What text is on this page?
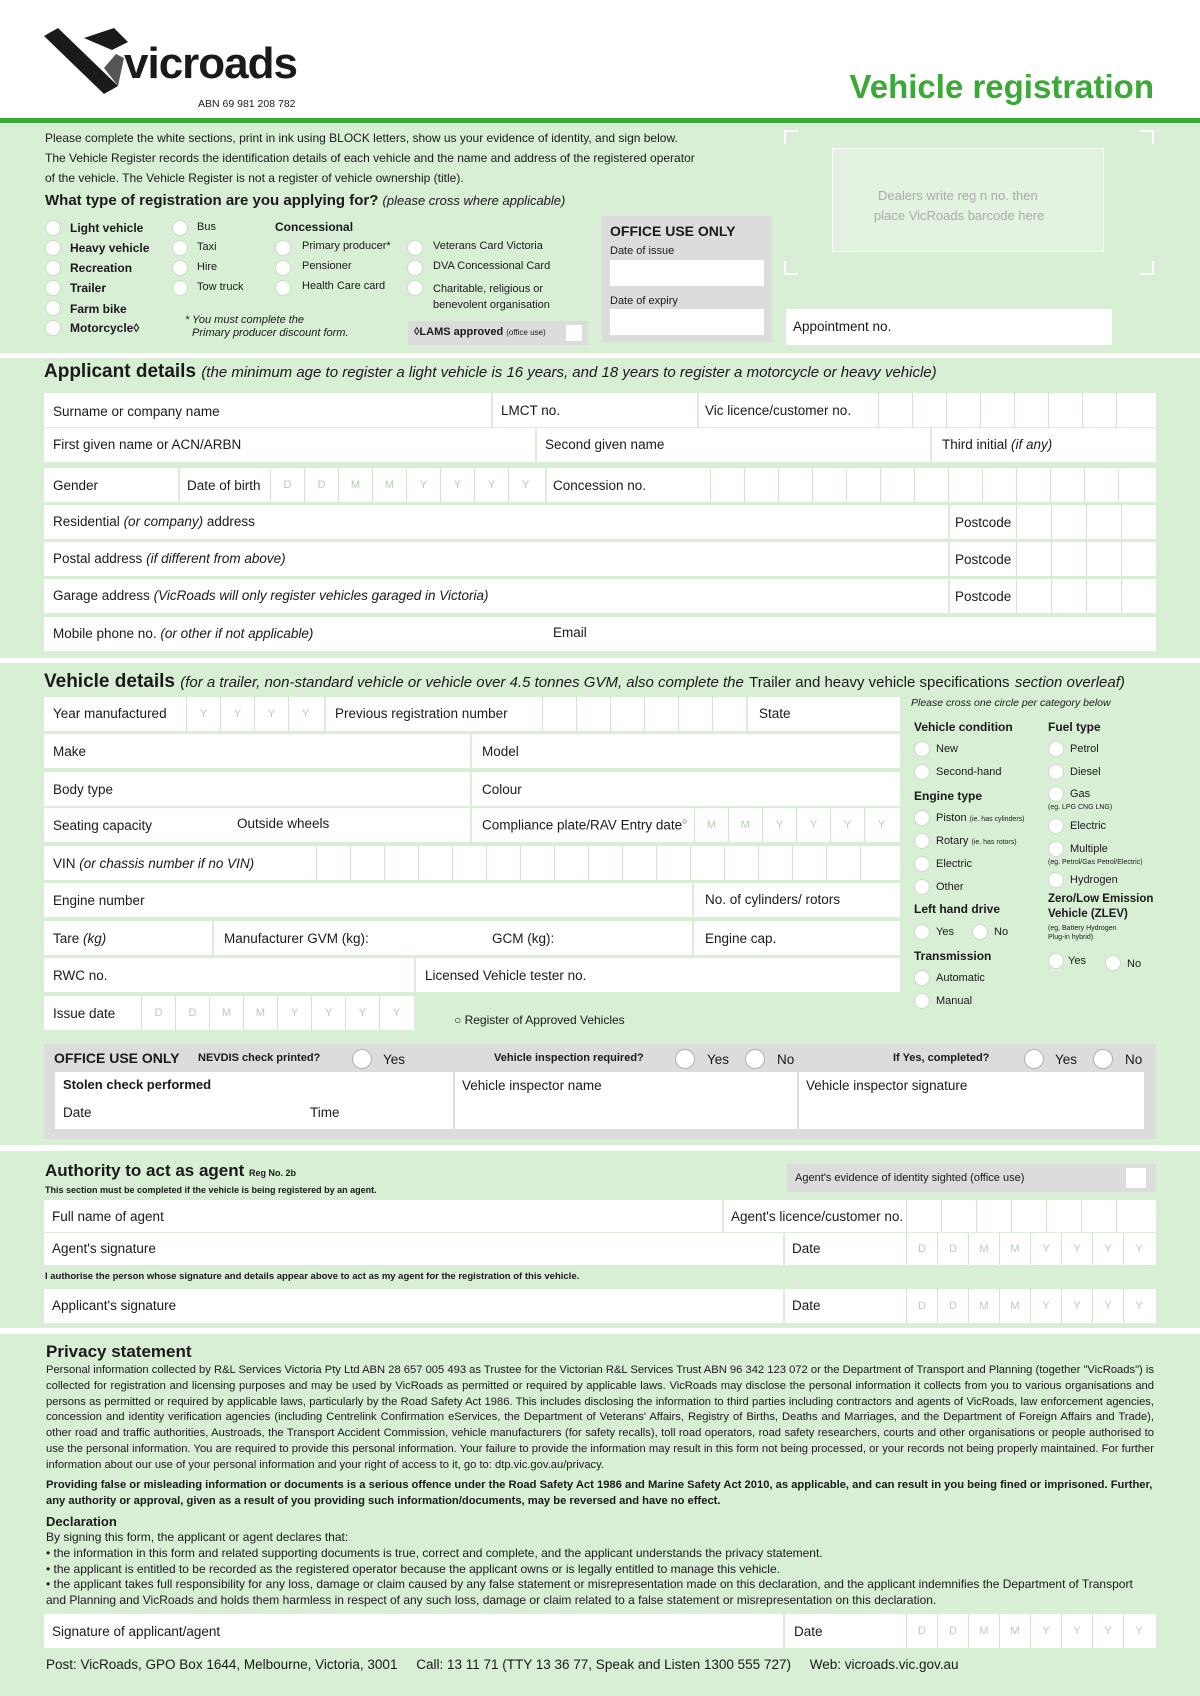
vicroads
ABN 69 981 208 782	Vehicle registration
Please complete the white sections, print in ink using BLOCK letters, show us your evidence of identity, and sign below.
The Vehicle Register records the identification details of each vehicle and the name and address of the registered operator
of the vehicle. The Vehicle Register is not a register of vehicle ownership (title).
What type of registration are you applying for? (please cross where applicable)
Light vehicle
Heavy vehicle
Recreation
Trailer
Farm bike
Motorcycle◊
Bus
Taxi
Hire
Tow truck
Concessional
Primary producer*
Pensioner
Health Care card
Veterans Card Victoria
DVA Concessional Card
Charitable, religious or
benevolent organisation
* You must complete the
Primary producer discount form.	◊LAMS approved (office use)
OFFICE USE ONLY
Date of issue
Date of expiry
Dealers write reg n no. then
place VicRoads barcode here
Appointment no.
Applicant details (the minimum age to register a light vehicle is 16 years, and 18 years to register a motorcycle or heavy vehicle)
Surname or company name	LMCT no.	Vic licence/customer no.
First given name or ACN/ARBN	Second given name	Third initial (if any)
Gender	Date of birth	D	D	M	M	Y	Y	Y	Y	Concession no.
Residential (or company) address	Postcode
Postal address (if different from above)	Postcode
Garage address (VicRoads will only register vehicles garaged in Victoria)	Postcode
Mobile phone no. (or other if not applicable)	Email
Vehicle details (for a trailer, non-standard vehicle or vehicle over 4.5 tonnes GVM, also complete the Trailer and heavy vehicle specifications section overleaf)
Year manufactured	Y	Y	Y	Y	Previous registration number	State
Make	Model
Body type	Colour
Seating capacity	Outside wheels	Compliance plate/RAV Entry date○	M	M	Y	Y	Y	Y
VIN (or chassis number if no VIN)
Engine number	No. of cylinders/ rotors
Tare (kg)	Manufacturer GVM (kg):	GCM (kg):	Engine cap.
RWC no.	Licensed Vehicle tester no.
Issue date	D	D	M	M	Y	Y	Y	Y	○ Register of Approved Vehicles
Please cross one circle per category below
Vehicle condition
New
Second-hand
Engine type
Piston (ie. has cylinders)
Rotary (ie. has rotors)
Electric
Other
Left hand drive
Yes	No
Transmission
Automatic
Manual
Fuel type
Petrol
Diesel
Gas
(eg. LPG CNG LNG)
Electric
Multiple
(eg. Petrol/Gas Petrol/Electric)
Hydrogen
Zero/Low Emission
Vehicle (ZLEV)
(eg. Battery Hydrogen
Plug-in hybrid)
Yes	No
OFFICE USE ONLY NEVDIS check printed?	Yes	Vehicle inspection required?	Yes	No	If Yes, completed?	Yes	No
Stolen check performed
Date	Time
Vehicle inspector name	Vehicle inspector signature
Authority to act as agent Reg No. 2b
This section must be completed if the vehicle is being registered by an agent.
Agent's evidence of identity sighted (office use)
Full name of agent	Agent's licence/customer no.
Agent's signature	Date	D	D	M	M	Y	Y	Y	Y
I authorise the person whose signature and details appear above to act as my agent for the registration of this vehicle.
Applicant's signature	Date	D	D	M	M	Y	Y	Y	Y
Privacy statement
Personal information collected by R&L Services Victoria Pty Ltd ABN 28 657 005 493 as Trustee for the Victorian R&L Services Trust ABN 96 342 123 072 or the Department of Transport and Planning (together "VicRoads") is collected for registration and licensing purposes and may be used by VicRoads as permitted or required by applicable laws. VicRoads may disclose the personal information it collects from you to various organisations and persons as permitted or required by applicable laws, particularly by the Road Safety Act 1986. This includes disclosing the information to third parties including contractors and agents of VicRoads, law enforcement agencies, concession and identity verification agencies (including Centrelink Confirmation eServices, the Department of Veterans' Affairs, Registry of Births, Deaths and Marriages, and the Department of Foreign Affairs and Trade), other road and traffic authorities, Austroads, the Transport Accident Commission, vehicle manufacturers (for safety recalls), toll road operators, road safety researchers, courts and other organisations or people authorised to use the personal information. You are required to provide this personal information. Your failure to provide the information may result in this form not being processed, or your records not being properly maintained. For further information about our use of your personal information and your right of access to it, go to: dtp.vic.gov.au/privacy.
Providing false or misleading information or documents is a serious offence under the Road Safety Act 1986 and Marine Safety Act 2010, as applicable, and can result in you being fined or imprisoned. Further, any authority or approval, given as a result of you providing such information/documents, may be reversed and have no effect.
Declaration
By signing this form, the applicant or agent declares that:
• the information in this form and related supporting documents is true, correct and complete, and the applicant understands the privacy statement.
• the applicant is entitled to be recorded as the registered operator because the applicant owns or is legally entitled to manage this vehicle.
• the applicant takes full responsibility for any loss, damage or claim caused by any false statement or misrepresentation made on this declaration, and the applicant indemnifies the Department of Transport and Planning and VicRoads and holds them harmless in respect of any such loss, damage or claim related to a false statement or misrepresentation on this declaration.
Signature of applicant/agent	Date	D	D	M	M	Y	Y	Y	Y
Post: VicRoads, GPO Box 1644, Melbourne, Victoria, 3001     Call: 13 11 71 (TTY 13 36 77, Speak and Listen 1300 555 727)     Web: vicroads.vic.gov.au
